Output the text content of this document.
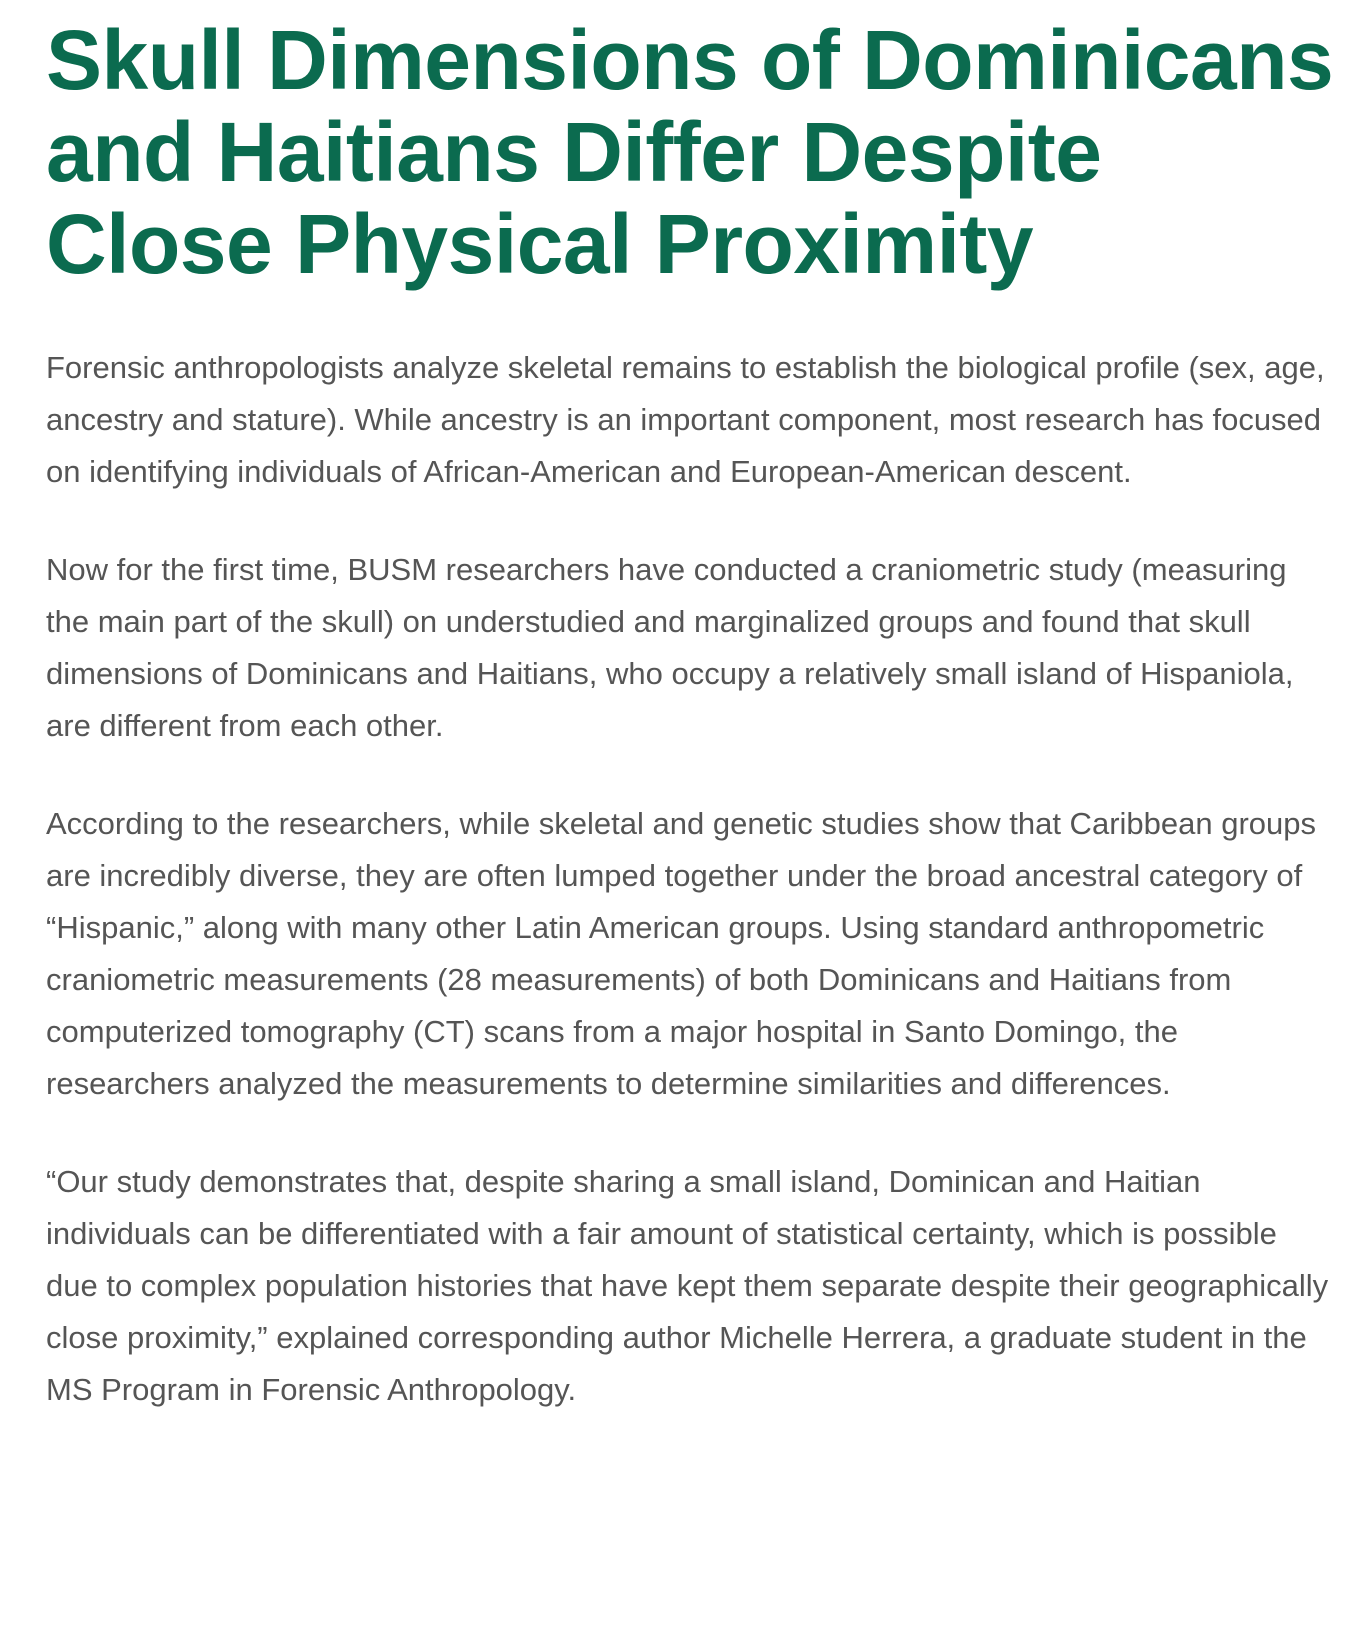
Skull Dimensions of Dominicans and Haitians Differ Despite Close Physical Proximity

Forensic anthropologists analyze skeletal remains to establish the biological profile (sex, age, ancestry and stature). While ancestry is an important component, most research has focused on identifying individuals of African-American and European-American descent.

Now for the first time, BUSM researchers have conducted a craniometric study (measuring the main part of the skull) on understudied and marginalized groups and found that skull dimensions of Dominicans and Haitians, who occupy a relatively small island of Hispaniola, are different from each other.

According to the researchers, while skeletal and genetic studies show that Caribbean groups are incredibly diverse, they are often lumped together under the broad ancestral category of “Hispanic,” along with many other Latin American groups. Using standard anthropometric craniometric measurements (28 measurements) of both Dominicans and Haitians from computerized tomography (CT) scans from a major hospital in Santo Domingo, the researchers analyzed the measurements to determine similarities and differences.

“Our study demonstrates that, despite sharing a small island, Dominican and Haitian individuals can be differentiated with a fair amount of statistical certainty, which is possible due to complex population histories that have kept them separate despite their geographically close proximity,” explained corresponding author Michelle Herrera, a graduate student in the MS Program in Forensic Anthropology.
